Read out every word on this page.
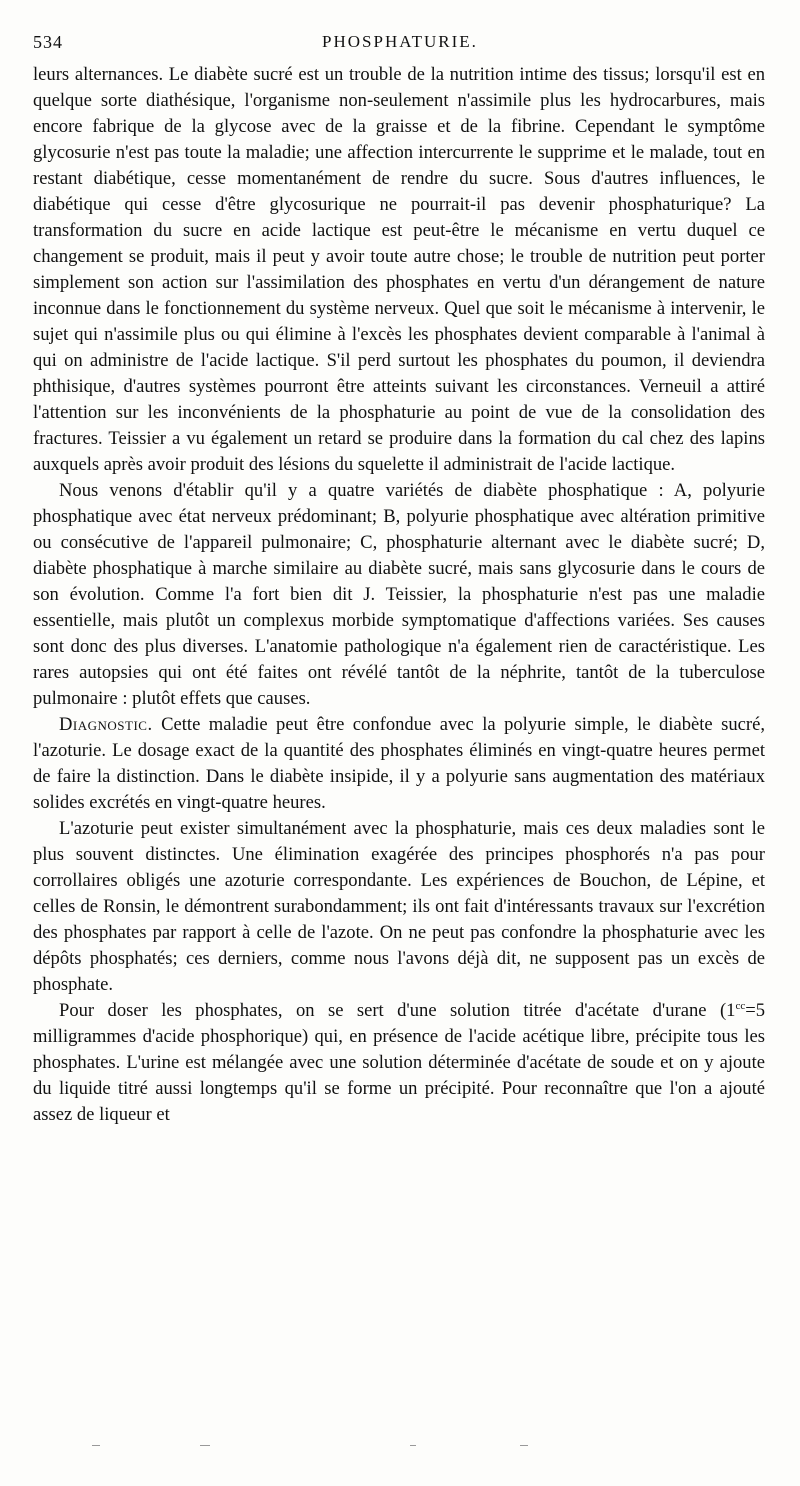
534	PHOSPHATURIE.

leurs alternances. Le diabète sucré est un trouble de la nutrition intime des tissus; lorsqu'il est en quelque sorte diathésique, l'organisme non-seulement n'assimile plus les hydrocarbures, mais encore fabrique de la glycose avec de la graisse et de la fibrine. Cependant le symptôme glycosurie n'est pas toute la maladie; une affection intercurrente le supprime et le malade, tout en restant diabétique, cesse momentanément de rendre du sucre. Sous d'autres influences, le diabétique qui cesse d'être glycosurique ne pourrait-il pas devenir phosphaturique? La transformation du sucre en acide lactique est peut-être le mécanisme en vertu duquel ce changement se produit, mais il peut y avoir toute autre chose; le trouble de nutrition peut porter simplement son action sur l'assimilation des phosphates en vertu d'un dérangement de nature inconnue dans le fonctionnement du système nerveux. Quel que soit le mécanisme à intervenir, le sujet qui n'assimile plus ou qui élimine à l'excès les phosphates devient comparable à l'animal à qui on administre de l'acide lactique. S'il perd surtout les phosphates du poumon, il deviendra phthisique, d'autres systèmes pourront être atteints suivant les circonstances. Verneuil a attiré l'attention sur les inconvénients de la phosphaturie au point de vue de la consolidation des fractures. Teissier a vu également un retard se produire dans la formation du cal chez des lapins auxquels après avoir produit des lésions du squelette il administrait de l'acide lactique.

Nous venons d'établir qu'il y a quatre variétés de diabète phosphatique : A, polyurie phosphatique avec état nerveux prédominant; B, polyurie phosphatique avec altération primitive ou consécutive de l'appareil pulmonaire; C, phosphaturie alternant avec le diabète sucré; D, diabète phosphatique à marche similaire au diabète sucré, mais sans glycosurie dans le cours de son évolution. Comme l'a fort bien dit J. Teissier, la phosphaturie n'est pas une maladie essentielle, mais plutôt un complexus morbide symptomatique d'affections variées. Ses causes sont donc des plus diverses. L'anatomie pathologique n'a également rien de caractéristique. Les rares autopsies qui ont été faites ont révélé tantôt de la néphrite, tantôt de la tuberculose pulmonaire : plutôt effets que causes.

Diagnostic. Cette maladie peut être confondue avec la polyurie simple, le diabète sucré, l'azoturie. Le dosage exact de la quantité des phosphates éliminés en vingt-quatre heures permet de faire la distinction. Dans le diabète insipide, il y a polyurie sans augmentation des matériaux solides excrétés en vingt-quatre heures.

L'azoturie peut exister simultanément avec la phosphaturie, mais ces deux maladies sont le plus souvent distinctes. Une élimination exagérée des principes phosphorés n'a pas pour corrollaires obligés une azoturie correspondante. Les expériences de Bouchon, de Lépine, et celles de Ronsin, le démontrent surabondamment; ils ont fait d'intéressants travaux sur l'excrétion des phosphates par rapport à celle de l'azote. On ne peut pas confondre la phosphaturie avec les dépôts phosphatés; ces derniers, comme nous l'avons déjà dit, ne supposent pas un excès de phosphate.

Pour doser les phosphates, on se sert d'une solution titrée d'acétate d'urane ($1^{cc}=5$ milligrammes d'acide phosphorique) qui, en présence de l'acide acétique libre, précipite tous les phosphates. L'urine est mélangée avec une solution déterminée d'acétate de soude et on y ajoute du liquide titré aussi longtemps qu'il se forme un précipité. Pour reconnaître que l'on a ajouté assez de liqueur et
